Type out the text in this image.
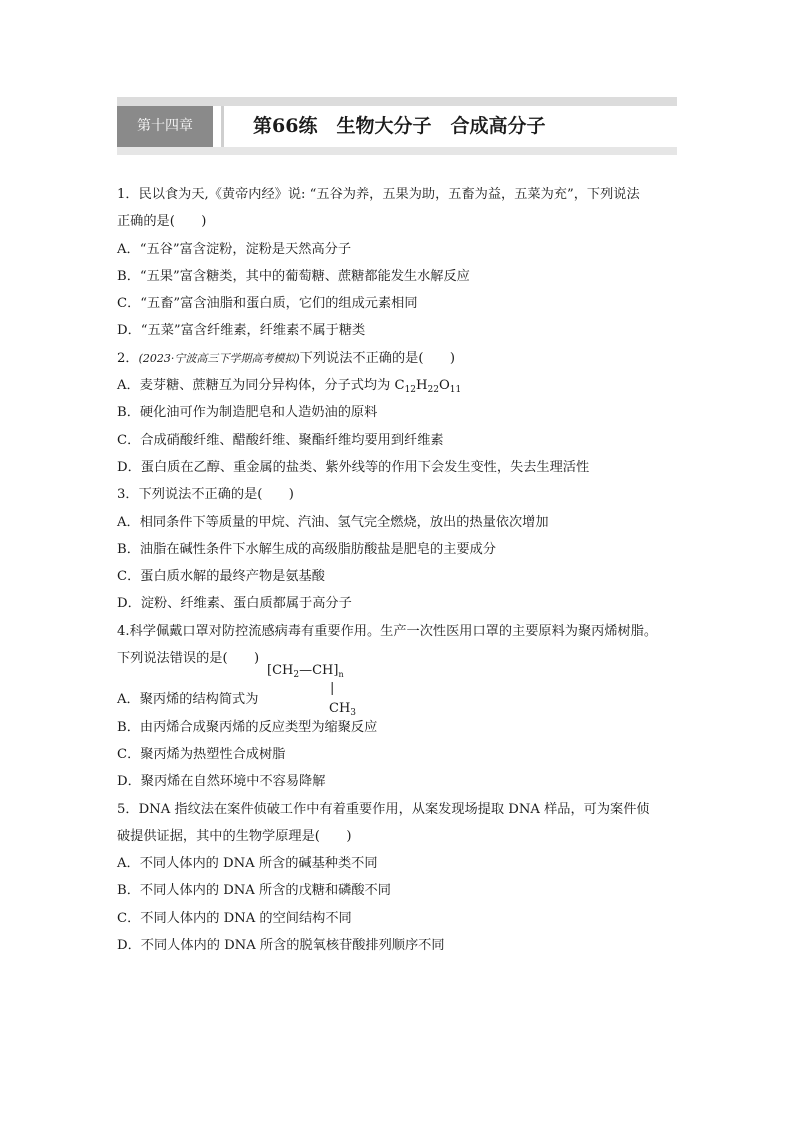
第十四章	第66练　生物大分子　合成高分子
1．民以食为天,《黄帝内经》说: “五谷为养，五果为助，五畜为益，五菜为充”，下列说法
正确的是(　　)
A．“五谷”富含淀粉，淀粉是天然高分子
B．“五果”富含糖类，其中的葡萄糖、蔗糖都能发生水解反应
C．“五畜”富含油脂和蛋白质，它们的组成元素相同
D．“五菜”富含纤维素，纤维素不属于糖类
2．(2023·宁波高三下学期高考模拟)下列说法不正确的是(　　)
A．麦芽糖、蔗糖互为同分异构体，分子式均为 $C_{12}H_{22}O_{11}$
B．硬化油可作为制造肥皂和人造奶油的原料
C．合成硝酸纤维、醋酸纤维、聚酯纤维均要用到纤维素
D．蛋白质在乙醇、重金属的盐类、紫外线等的作用下会发生变性，失去生理活性
3．下列说法不正确的是(　　)
A．相同条件下等质量的甲烷、汽油、氢气完全燃烧，放出的热量依次增加
B．油脂在碱性条件下水解生成的高级脂肪酸盐是肥皂的主要成分
C．蛋白质水解的最终产物是氨基酸
D．淀粉、纤维素、蛋白质都属于高分子
4.科学佩戴口罩对防控流感病毒有重要作用。生产一次性医用口罩的主要原料为聚丙烯树脂。
下列说法错误的是(　　)
$[CH_2—CH]_n$
|
$CH_3$
A．聚丙烯的结构简式为
B．由丙烯合成聚丙烯的反应类型为缩聚反应
C．聚丙烯为热塑性合成树脂
D．聚丙烯在自然环境中不容易降解
5．DNA 指纹法在案件侦破工作中有着重要作用，从案发现场提取 DNA 样品，可为案件侦
破提供证据，其中的生物学原理是(　　)
A．不同人体内的 DNA 所含的碱基种类不同
B．不同人体内的 DNA 所含的戊糖和磷酸不同
C．不同人体内的 DNA 的空间结构不同
D．不同人体内的 DNA 所含的脱氧核苷酸排列顺序不同
